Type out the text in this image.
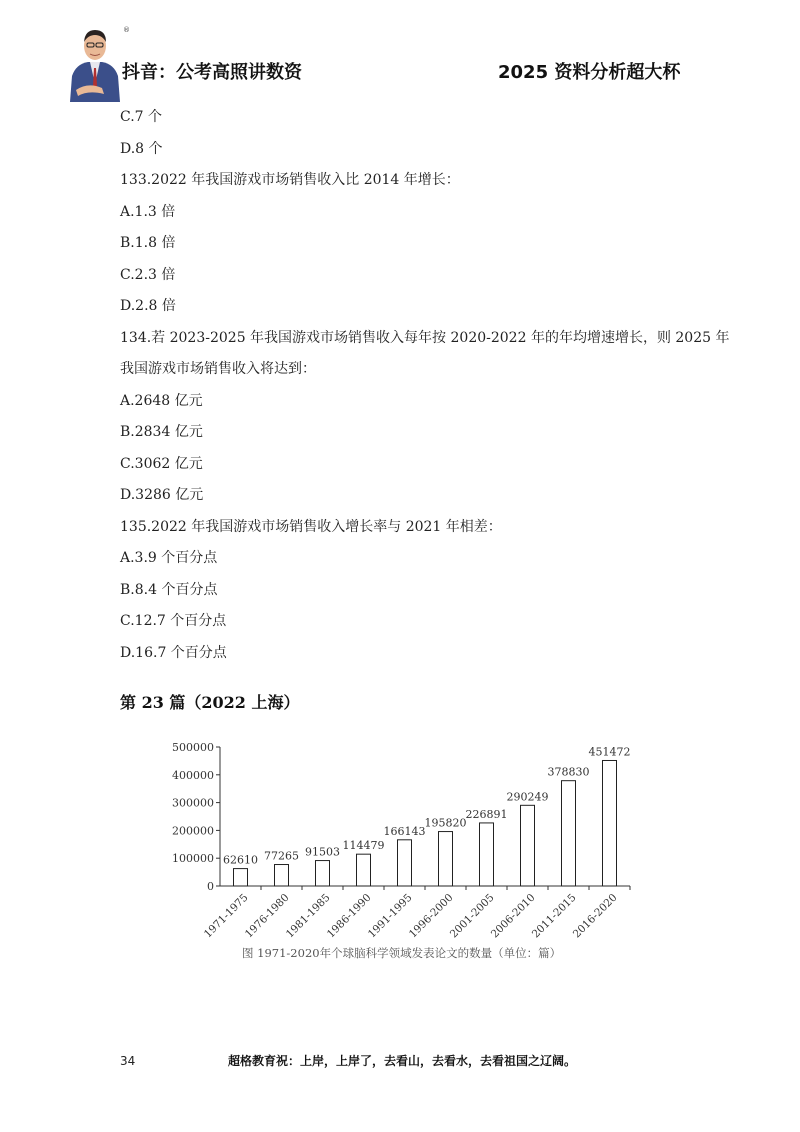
®
抖音：公考高照讲数资	2025 资料分析超大杯
C.7 个
D.8 个
133.2022 年我国游戏市场销售收入比 2014 年增长：
A.1.3 倍
B.1.8 倍
C.2.3 倍
D.2.8 倍
134.若 2023-2025 年我国游戏市场销售收入每年按 2020-2022 年的年均增速增长，则 2025 年
我国游戏市场销售收入将达到：
A.2648 亿元
B.2834 亿元
C.3062 亿元
D.3286 亿元
135.2022 年我国游戏市场销售收入增长率与 2021 年相差：
A.3.9 个百分点
B.8.4 个百分点
C.12.7 个百分点
D.16.7 个百分点
第 23 篇（2022 上海）
0
100000
200000
300000
400000
500000
62610
1971-1975
77265
1976-1980
91503
1981-1985
114479
1986-1990
166143
1991-1995
195820
1996-2000
226891
2001-2005
290249
2006-2010
378830
2011-2015
451472
2016-2020
图 1971-2020年个球脑科学领域发表论文的数量（单位：篇）
34	超格教育祝：上岸，上岸了，去看山，去看水，去看祖国之辽阔。
